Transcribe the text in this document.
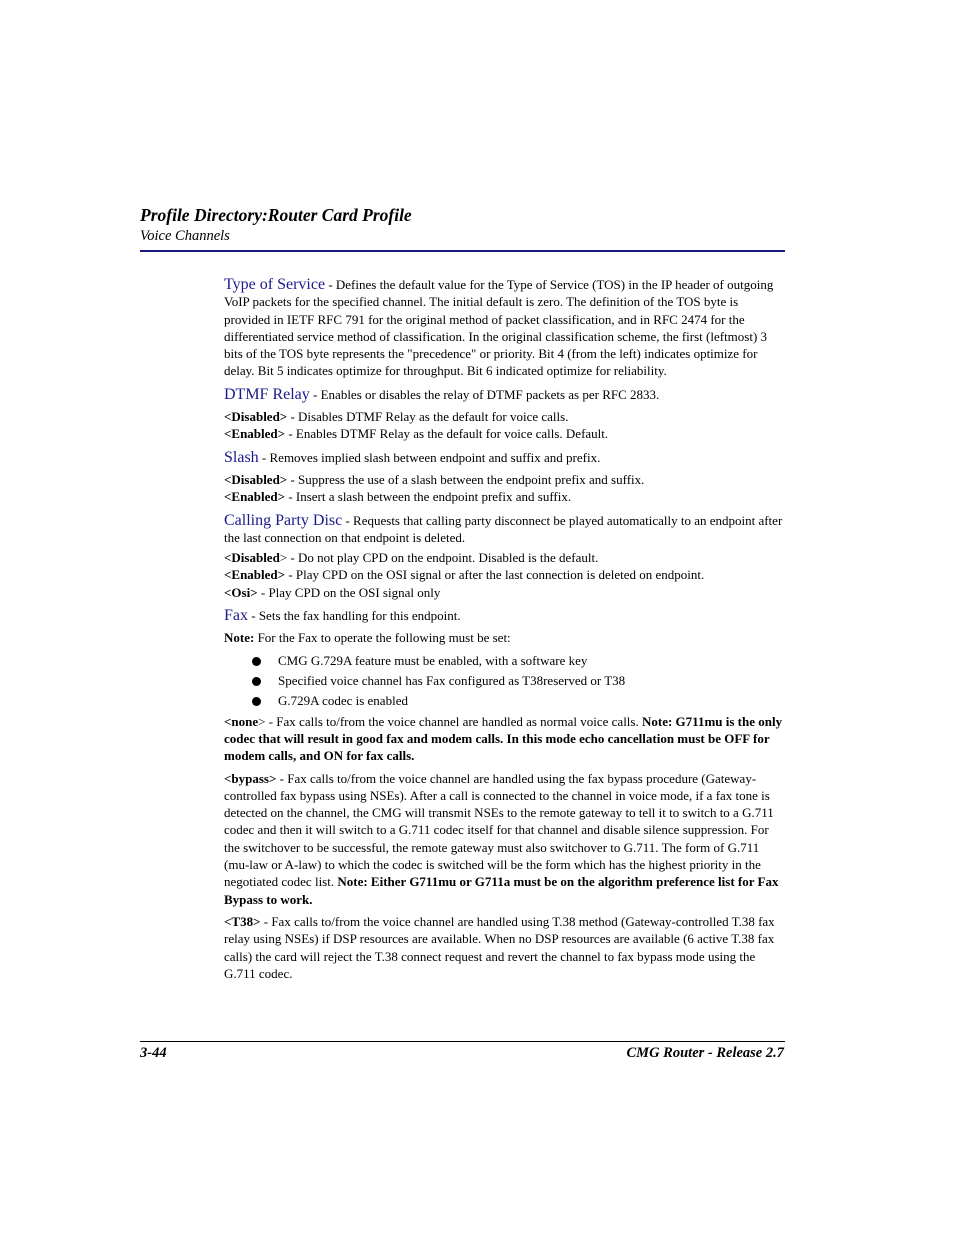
Profile Directory:Router Card Profile
Voice Channels

Type of Service - Defines the default value for the Type of Service (TOS) in the IP header of outgoing VoIP packets for the specified channel. The initial default is zero. The definition of the TOS byte is provided in IETF RFC 791 for the original method of packet classification, and in RFC 2474 for the differentiated service method of classification. In the original classification scheme, the first (leftmost) 3 bits of the TOS byte represents the "precedence" or priority. Bit 4 (from the left) indicates optimize for delay. Bit 5 indicates optimize for throughput. Bit 6 indicated optimize for reliability.

DTMF Relay - Enables or disables the relay of DTMF packets as per RFC 2833.

<Disabled> - Disables DTMF Relay as the default for voice calls.

<Enabled> - Enables DTMF Relay as the default for voice calls. Default.

Slash - Removes implied slash between endpoint and suffix and prefix.

<Disabled> - Suppress the use of a slash between the endpoint prefix and suffix.

<Enabled> - Insert a slash between the endpoint prefix and suffix.

Calling Party Disc - Requests that calling party disconnect be played automatically to an endpoint after the last connection on that endpoint is deleted.

<Disabled> - Do not play CPD on the endpoint. Disabled is the default.

<Enabled> - Play CPD on the OSI signal or after the last connection is deleted on endpoint.

<Osi> - Play CPD on the OSI signal only

Fax - Sets the fax handling for this endpoint.

Note: For the Fax to operate the following must be set:

CMG G.729A feature must be enabled, with a software key
Specified voice channel has Fax configured as T38reserved or T38
G.729A codec is enabled

<none> - Fax calls to/from the voice channel are handled as normal voice calls. Note: G711mu is the only codec that will result in good fax and modem calls. In this mode echo cancellation must be OFF for modem calls, and ON for fax calls.

<bypass> - Fax calls to/from the voice channel are handled using the fax bypass procedure (Gateway-controlled fax bypass using NSEs). After a call is connected to the channel in voice mode, if a fax tone is detected on the channel, the CMG will transmit NSEs to the remote gateway to tell it to switch to a G.711 codec and then it will switch to a G.711 codec itself for that channel and disable silence suppression. For the switchover to be successful, the remote gateway must also switchover to G.711. The form of G.711 (mu-law or A-law) to which the codec is switched will be the form which has the highest priority in the negotiated codec list. Note: Either G711mu or G711a must be on the algorithm preference list for Fax Bypass to work.

<T38> - Fax calls to/from the voice channel are handled using T.38 method (Gateway-controlled T.38 fax relay using NSEs) if DSP resources are available. When no DSP resources are available (6 active T.38 fax calls) the card will reject the T.38 connect request and revert the channel to fax bypass mode using the G.711 codec.

3-44	CMG Router - Release 2.7
